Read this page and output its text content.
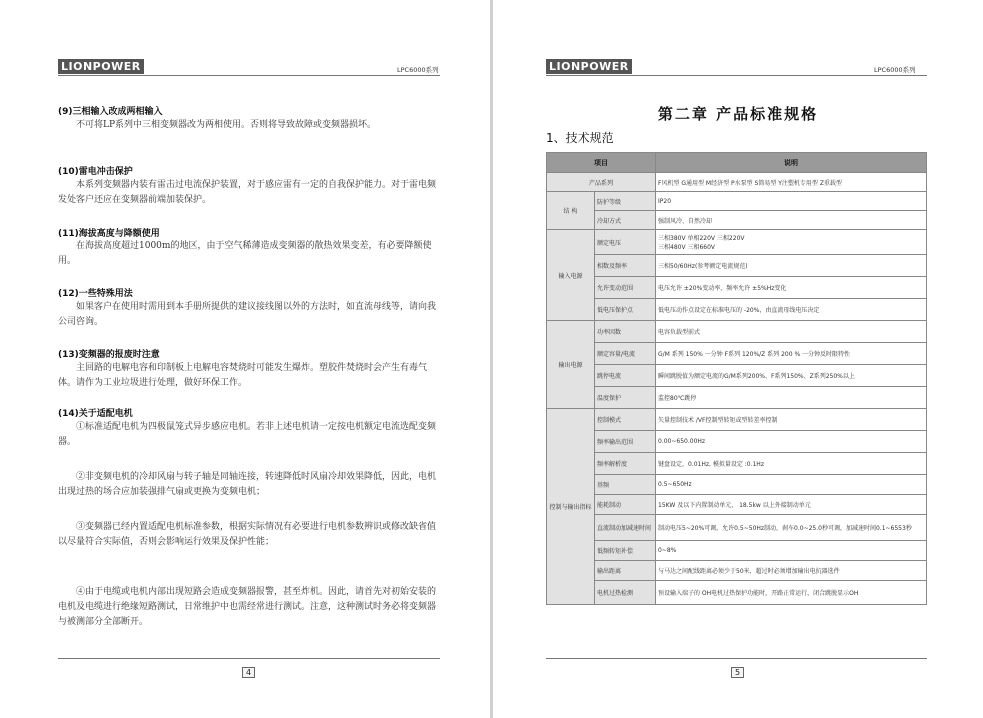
LIONPOWER	LPC6000系列
(9)三相输入改成两相输入
不可将LP系列中三相变频器改为两相使用。否则将导致故障或变频器损坏。
(10)雷电冲击保护
本系列变频器内装有雷击过电流保护装置，对于感应雷有一定的自我保护能力。对于雷电频发处客户还应在变频器前端加装保护。
(11)海拔高度与降额使用
在海拔高度超过1000m的地区，由于空气稀薄造成变频器的散热效果变差，有必要降额使用。
(12)一些特殊用法
如果客户在使用时需用到本手册所提供的建议接线图以外的方法时，如直流母线等，请向我公司咨询。
(13)变频器的报废时注意
主回路的电解电容和印制板上电解电容焚烧时可能发生爆炸。塑胶件焚烧时会产生有毒气体。请作为工业垃圾进行处理，做好环保工作。
(14)关于适配电机
①标准适配电机为四极鼠笼式异步感应电机。若非上述电机请一定按电机额定电流选配变频器。
②非变频电机的冷却风扇与转子轴是同轴连接，转速降低时风扇冷却效果降低，因此，电机出现过热的场合应加装强排气扇或更换为变频电机；
③变频器已经内置适配电机标准参数，根据实际情况有必要进行电机参数辨识或修改缺省值以尽量符合实际值，否则会影响运行效果及保护性能；
④由于电缆或电机内部出现短路会造成变频器报警，甚至炸机。因此，请首先对初始安装的电机及电缆进行绝缘短路测试，日常维护中也需经常进行测试。注意，这种测试时务必将变频器与被测部分全部断开。
4
LIONPOWER	LPC6000系列
第二章 产品标准规格
1、技术规范
项目		说明
产品系列		F风机型 G通用型 M经济型 P水泵型 S简易型 Y注塑机专用型 Z重载型
结 构	防护等级	IP20
	冷却方式	强制风冷、自然冷却
输入电源	额定电压	三相380V 单相220V 三相220V
三相480V 三相660V
	相数及频率	三相50/60Hz(参考额定电流规范)
	允许变动范围	电压允许 ±20%变动率，频率允许 ±5%Hz变化
	低电压保护点	低电压动作点设定在标准电压的 -20%，由直流母线电压决定
输出电源	功率因数	电容负载型前式
	额定容量/电流	G/M 系列 150% 一分钟 F系列 120%/Z 系列 200 % 一分钟反时限特性
	跳停电流	瞬间跳脱值为额定电流的G/M系列200%、F系列150%、Z系列250%以上
	温度保护	监控80℃跳停
控制与输出指标	控制模式	矢量控制技术 /VF控制型转矩或型转差率控制
	频率输出范围	0.00~650.00Hz
	频率解析度	键盘设定，0.01Hz, 模拟量设定 :0.1Hz
	基频	0.5~650Hz
	能耗制动	15KW 及以下内置制动单元， 18.5kw 以上外接制动单元
	直流制动加减速时间	制动电压5~20%可调，允许0.5~50Hz制动，刹车0.0~25.0秒可调，加减速时间0.1~6553秒
	低频转矩补偿	0~8%
	输出距离	与马达之间配线距离必须少于50米，超过时必须增加输出电抗器选件
	电机过热检测	预设输入端子的 OH电机过热保护功能时，开路正常运行，闭合跳脱显示OH
5
